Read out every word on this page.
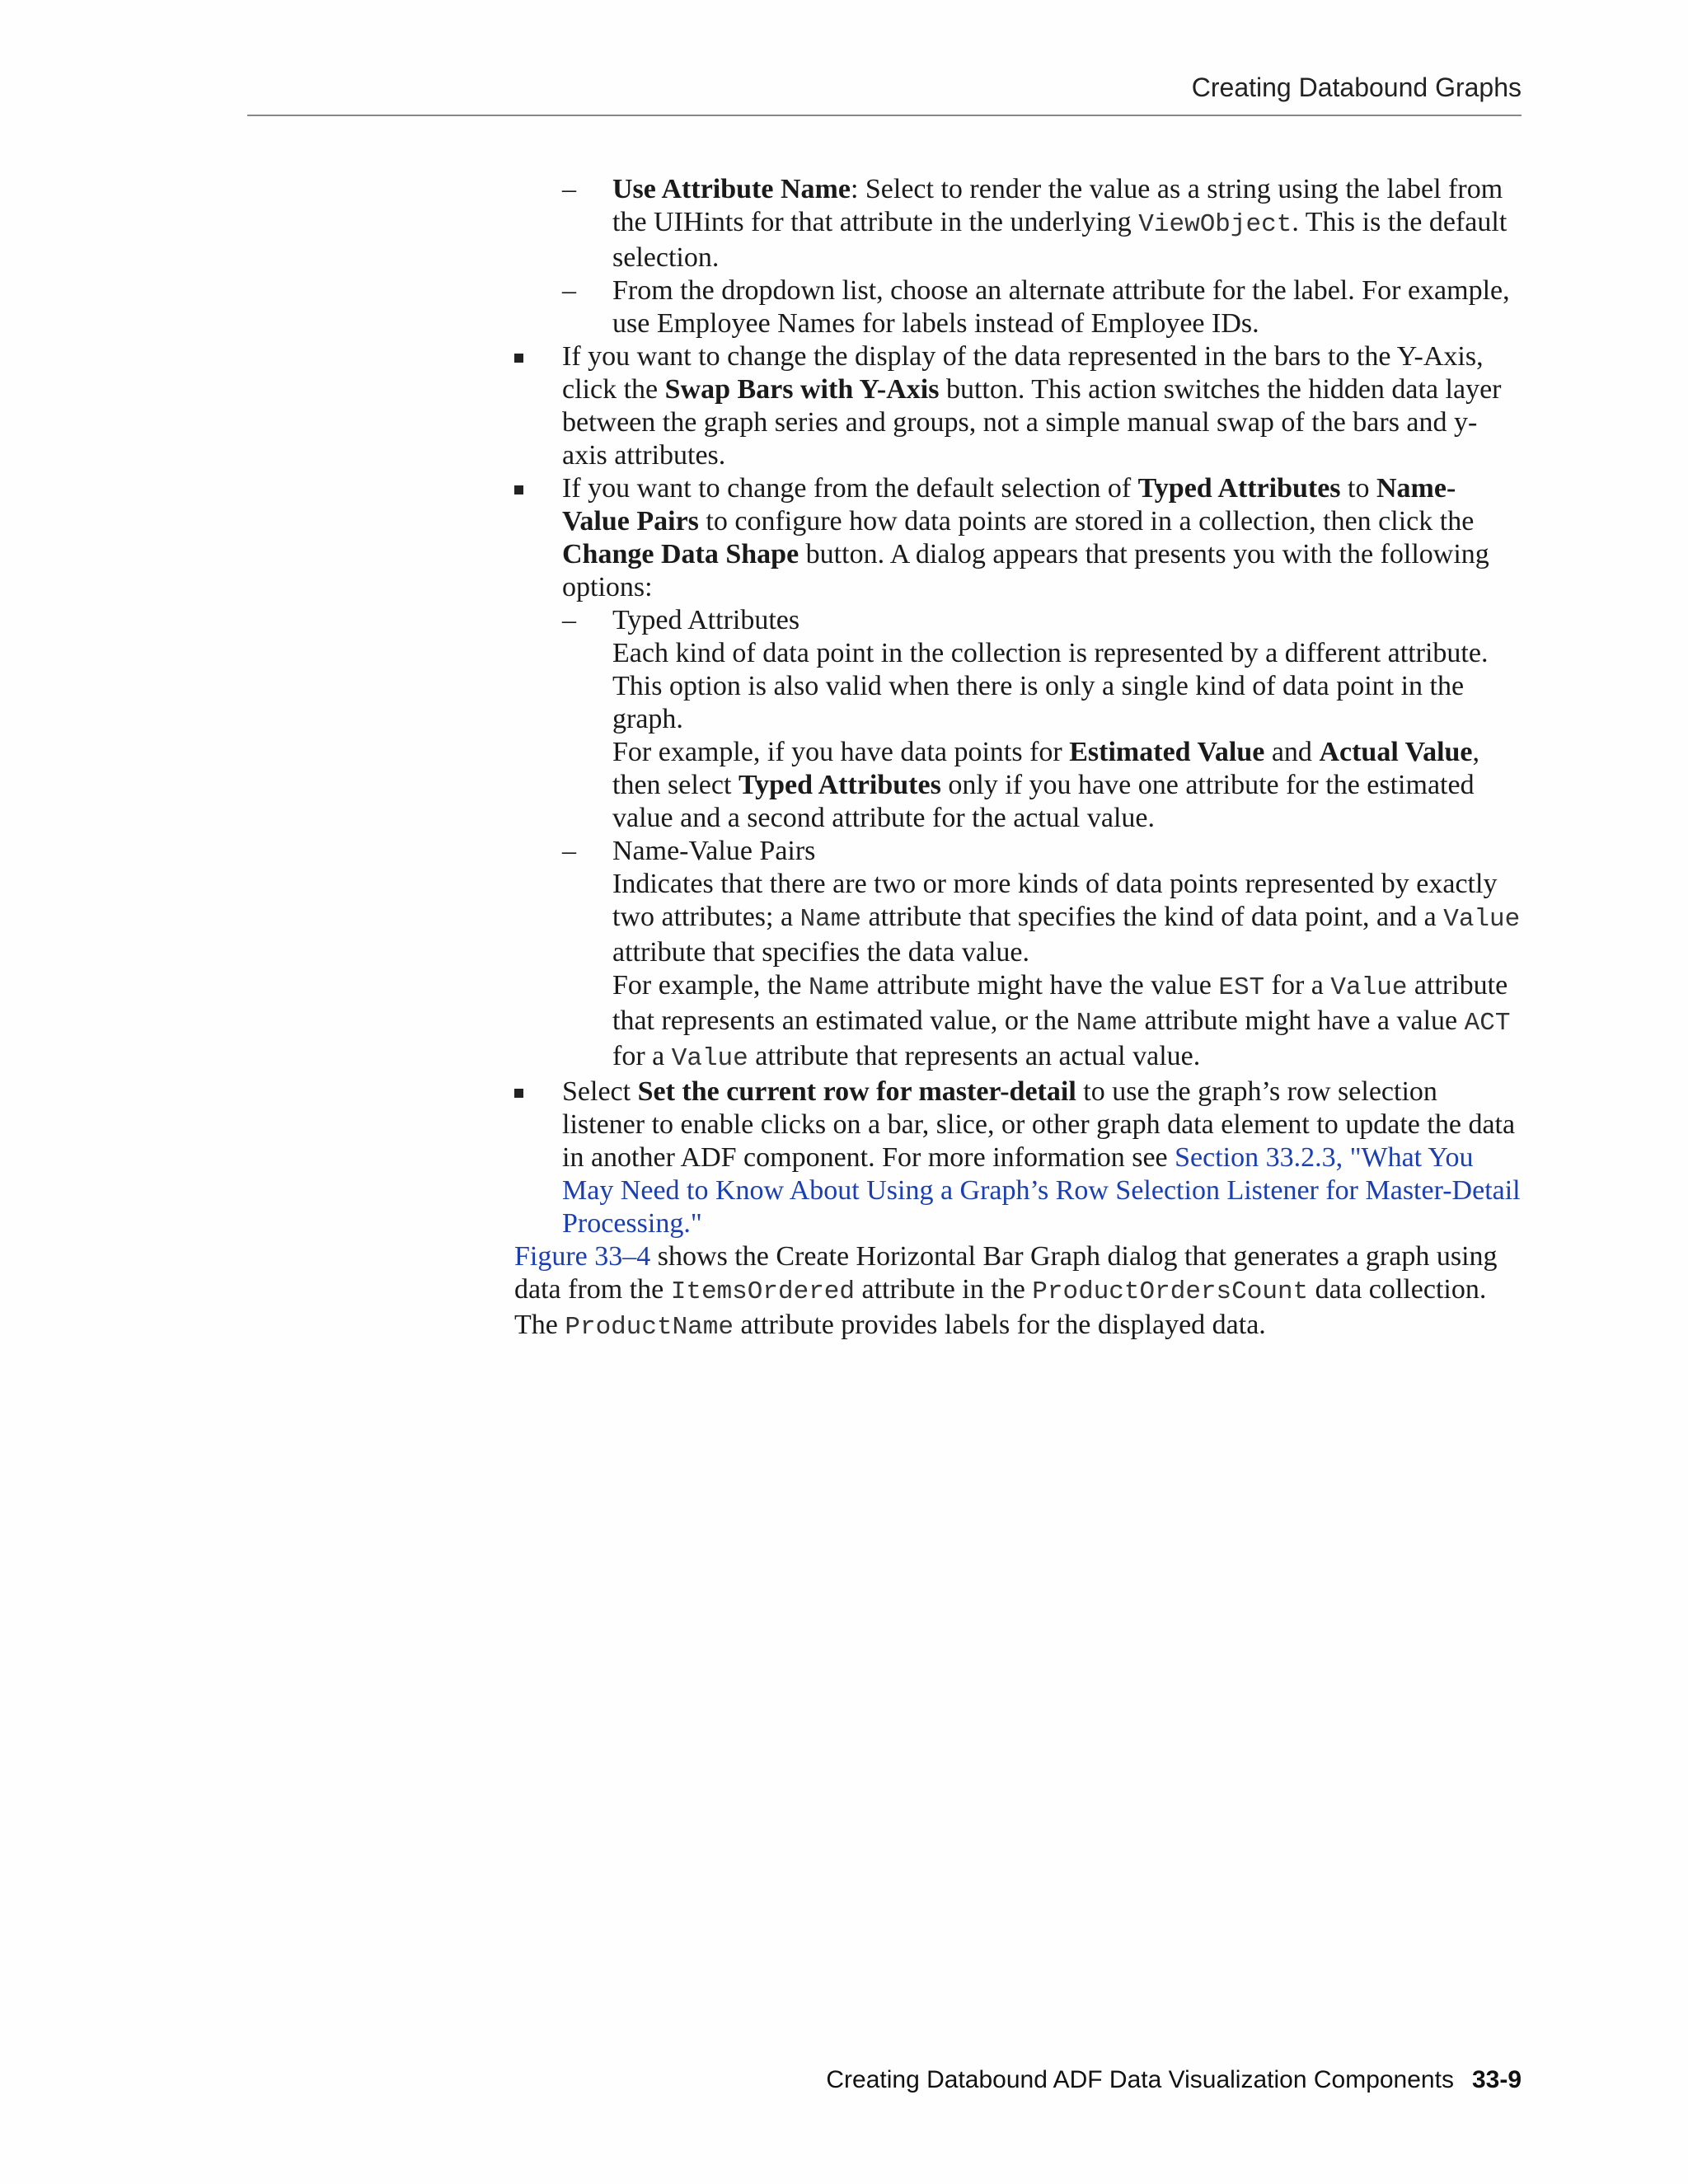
Creating Databound Graphs

– Use Attribute Name: Select to render the value as a string using the label from the UIHints for that attribute in the underlying ViewObject. This is the default selection.

– From the dropdown list, choose an alternate attribute for the label. For example, use Employee Names for labels instead of Employee IDs.

If you want to change the display of the data represented in the bars to the Y-Axis, click the Swap Bars with Y-Axis button. This action switches the hidden data layer between the graph series and groups, not a simple manual swap of the bars and y-axis attributes.

If you want to change from the default selection of Typed Attributes to Name-Value Pairs to configure how data points are stored in a collection, then click the Change Data Shape button. A dialog appears that presents you with the following options:

– Typed Attributes

Each kind of data point in the collection is represented by a different attribute. This option is also valid when there is only a single kind of data point in the graph.

For example, if you have data points for Estimated Value and Actual Value, then select Typed Attributes only if you have one attribute for the estimated value and a second attribute for the actual value.

– Name-Value Pairs

Indicates that there are two or more kinds of data points represented by exactly two attributes; a Name attribute that specifies the kind of data point, and a Value attribute that specifies the data value.

For example, the Name attribute might have the value EST for a Value attribute that represents an estimated value, or the Name attribute might have a value ACT for a Value attribute that represents an actual value.

Select Set the current row for master-detail to use the graph’s row selection listener to enable clicks on a bar, slice, or other graph data element to update the data in another ADF component. For more information see Section 33.2.3, "What You May Need to Know About Using a Graph’s Row Selection Listener for Master-Detail Processing."

Figure 33–4 shows the Create Horizontal Bar Graph dialog that generates a graph using data from the ItemsOrdered attribute in the ProductOrdersCount data collection. The ProductName attribute provides labels for the displayed data.

Creating Databound ADF Data Visualization Components 33-9
